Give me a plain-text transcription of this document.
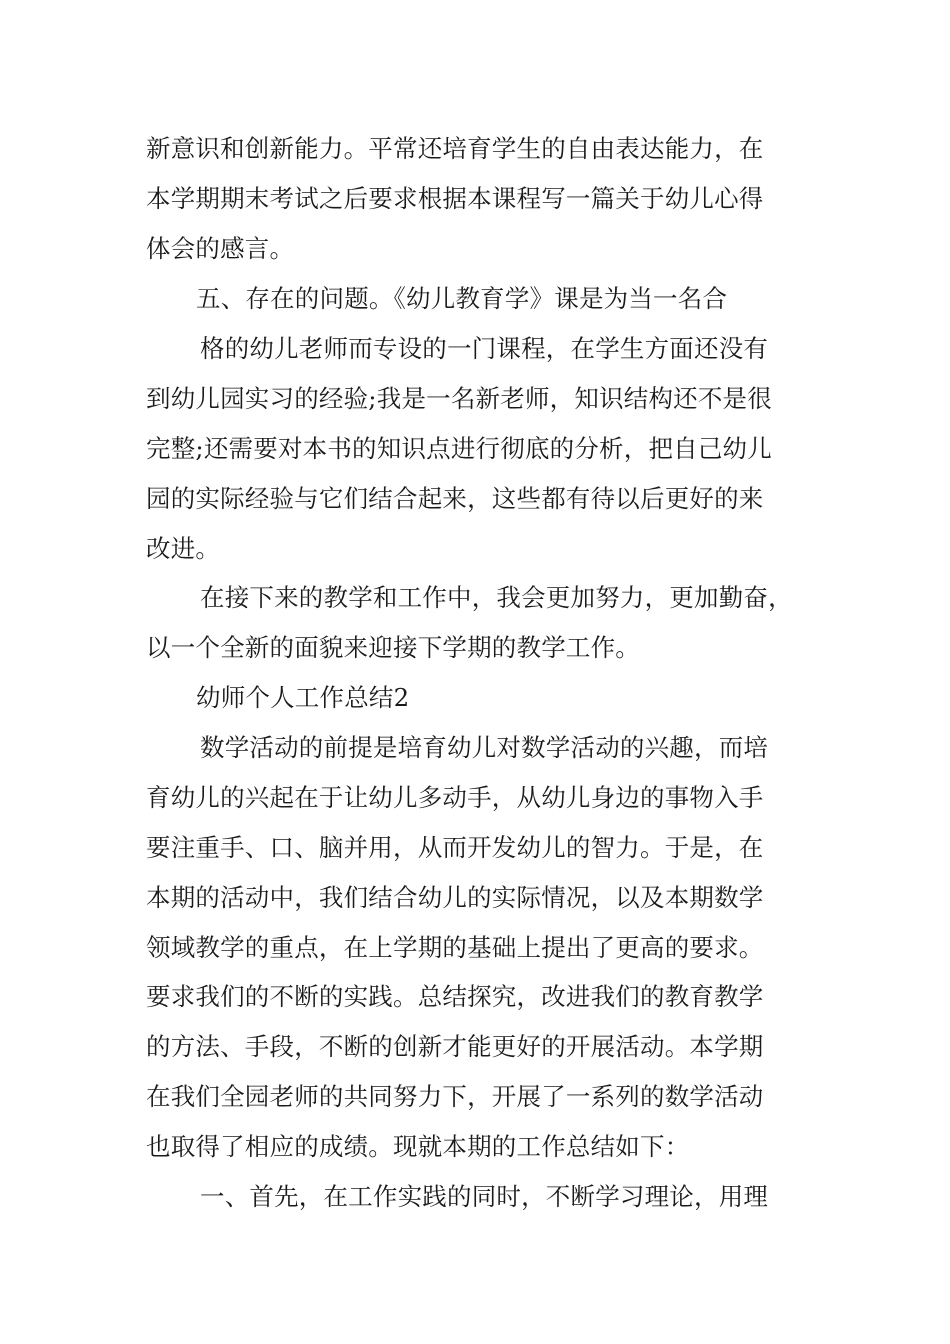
新意识和创新能力。平常还培育学生的自由表达能力，在
本学期期末考试之后要求根据本课程写一篇关于幼儿心得
体会的感言。
五、存在的问题。《幼儿教育学》课是为当一名合
格的幼儿老师而专设的一门课程，在学生方面还没有
到幼儿园实习的经验;我是一名新老师，知识结构还不是很
完整;还需要对本书的知识点进行彻底的分析，把自己幼儿
园的实际经验与它们结合起来，这些都有待以后更好的来
改进。
在接下来的教学和工作中，我会更加努力，更加勤奋，
以一个全新的面貌来迎接下学期的教学工作。
幼师个人工作总结2
数学活动的前提是培育幼儿对数学活动的兴趣，而培
育幼儿的兴起在于让幼儿多动手，从幼儿身边的事物入手
要注重手、口、脑并用，从而开发幼儿的智力。于是，在
本期的活动中，我们结合幼儿的实际情况，以及本期数学
领域教学的重点，在上学期的基础上提出了更高的要求。
要求我们的不断的实践。总结探究，改进我们的教育教学
的方法、手段，不断的创新才能更好的开展活动。本学期
在我们全园老师的共同努力下，开展了一系列的数学活动
也取得了相应的成绩。现就本期的工作总结如下：
一、首先，在工作实践的同时，不断学习理论，用理
